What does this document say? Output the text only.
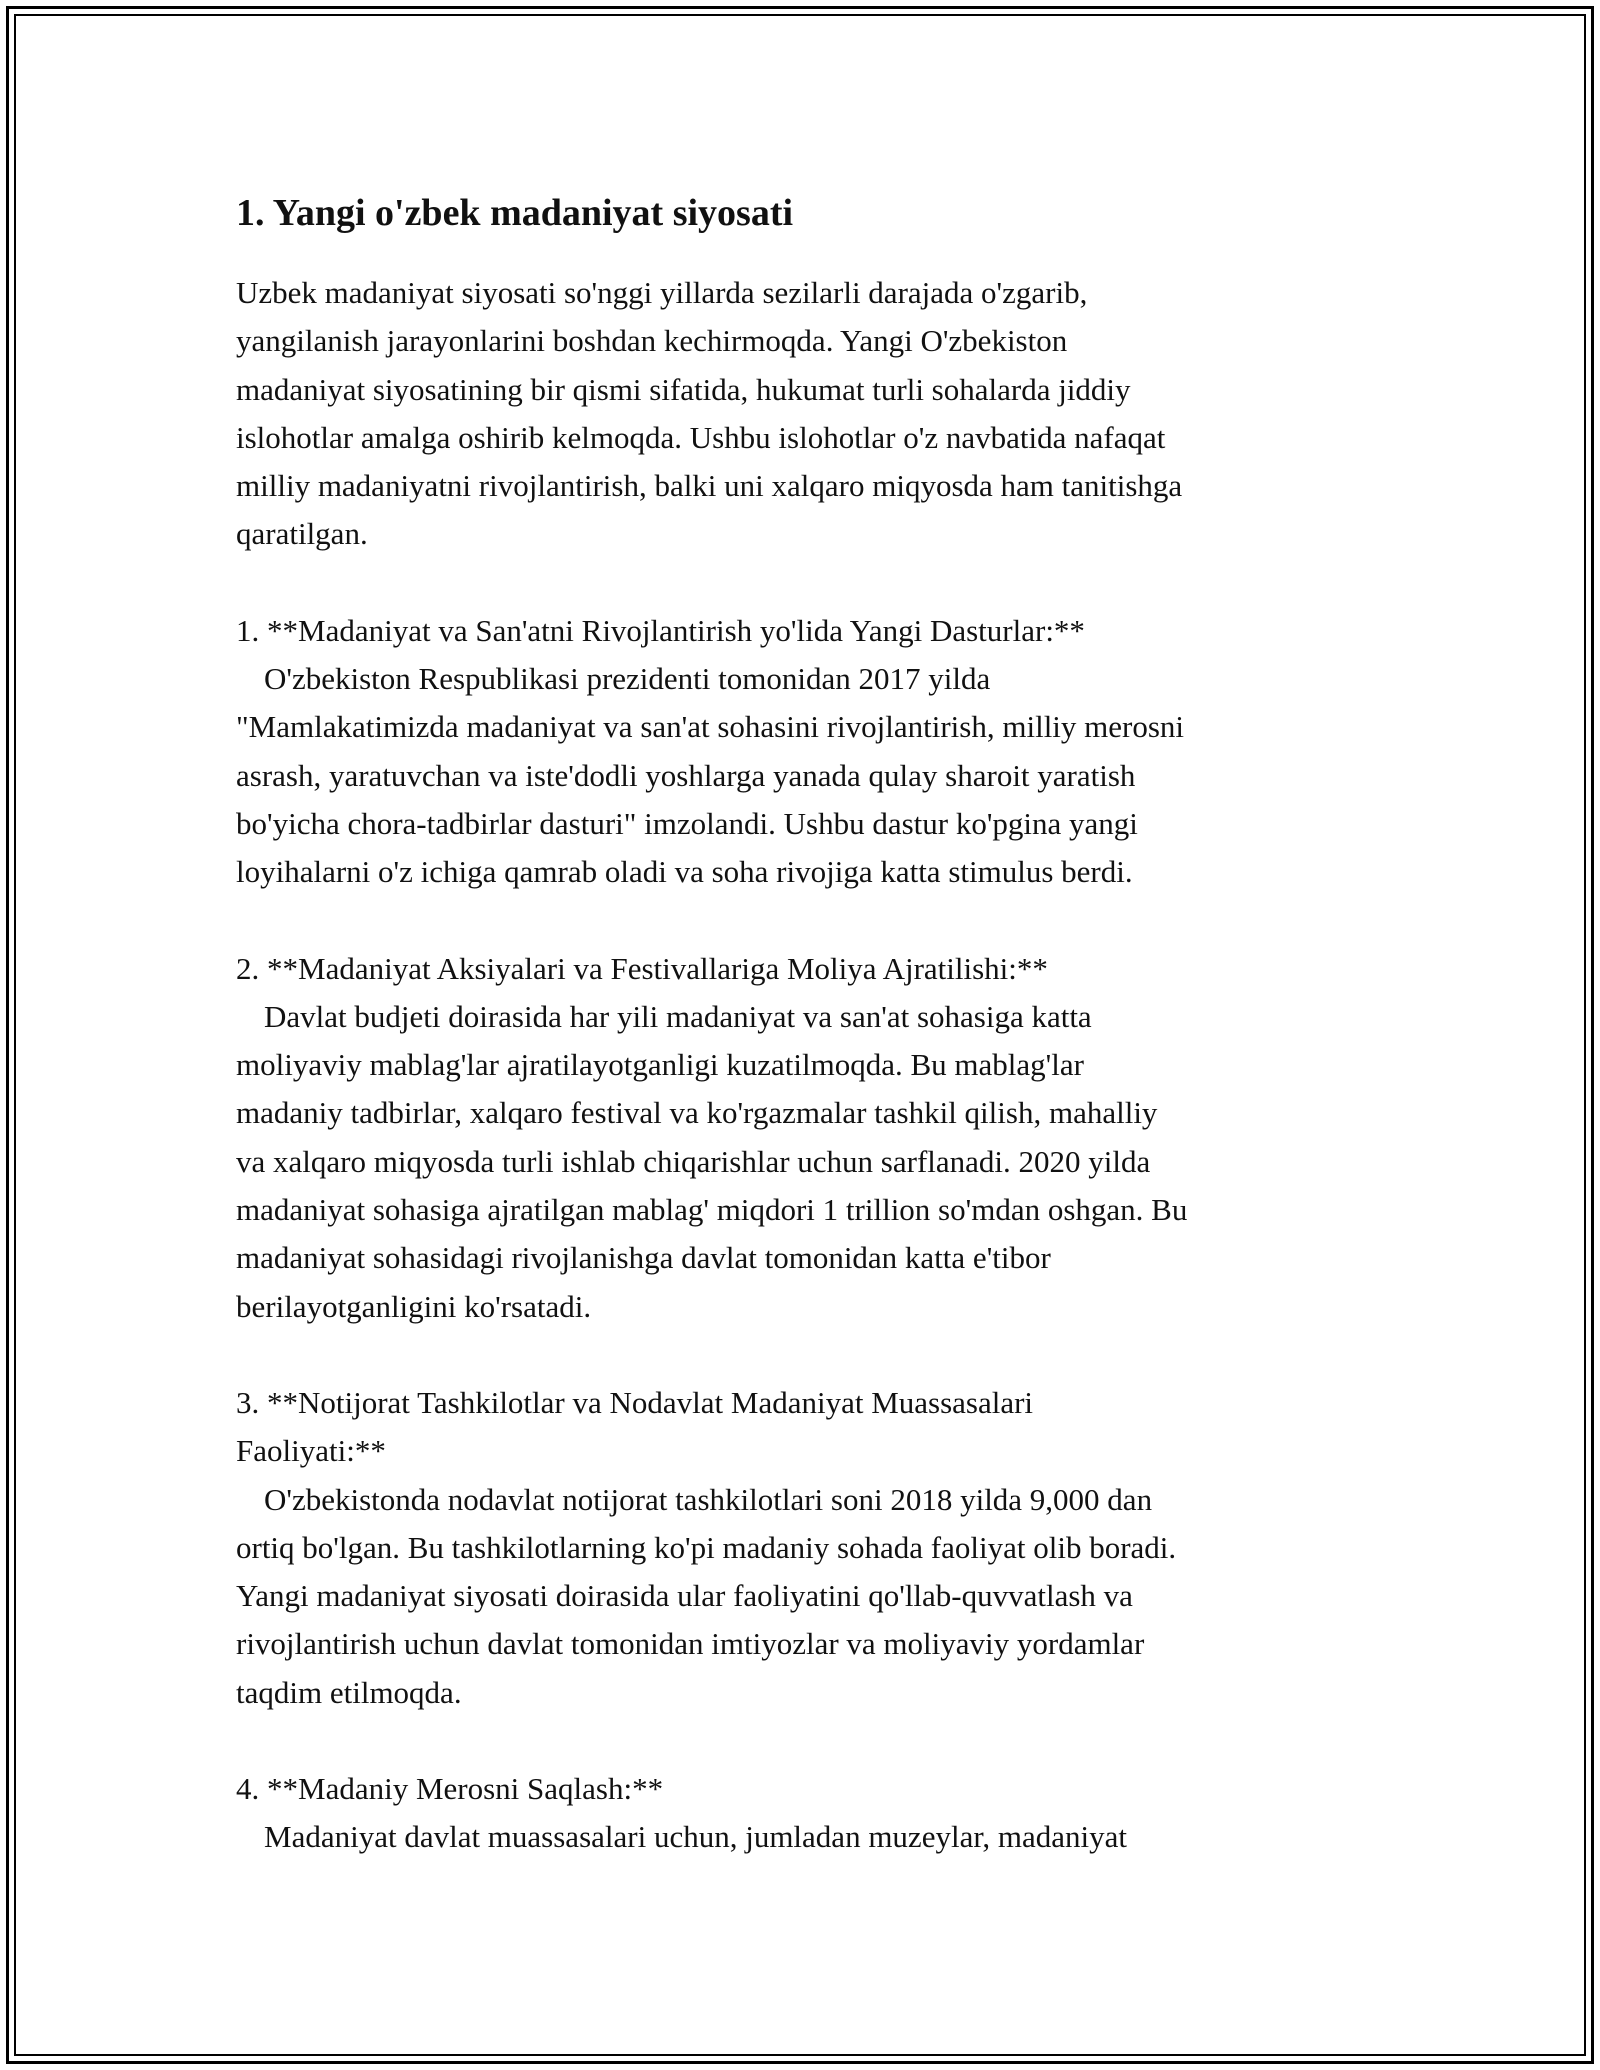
1. Yangi o'zbek madaniyat siyosati
Uzbek madaniyat siyosati so'nggi yillarda sezilarli darajada o'zgarib,
yangilanish jarayonlarini boshdan kechirmoqda. Yangi O'zbekiston
madaniyat siyosatining bir qismi sifatida, hukumat turli sohalarda jiddiy
islohotlar amalga oshirib kelmoqda. Ushbu islohotlar o'z navbatida nafaqat
milliy madaniyatni rivojlantirish, balki uni xalqaro miqyosda ham tanitishga
qaratilgan.
1. **Madaniyat va San'atni Rivojlantirish yo'lida Yangi Dasturlar:**
O'zbekiston Respublikasi prezidenti tomonidan 2017 yilda
"Mamlakatimizda madaniyat va san'at sohasini rivojlantirish, milliy merosni
asrash, yaratuvchan va iste'dodli yoshlarga yanada qulay sharoit yaratish
bo'yicha chora-tadbirlar dasturi" imzolandi. Ushbu dastur ko'pgina yangi
loyihalarni o'z ichiga qamrab oladi va soha rivojiga katta stimulus berdi.
2. **Madaniyat Aksiyalari va Festivallariga Moliya Ajratilishi:**
Davlat budjeti doirasida har yili madaniyat va san'at sohasiga katta
moliyaviy mablag'lar ajratilayotganligi kuzatilmoqda. Bu mablag'lar
madaniy tadbirlar, xalqaro festival va ko'rgazmalar tashkil qilish, mahalliy
va xalqaro miqyosda turli ishlab chiqarishlar uchun sarflanadi. 2020 yilda
madaniyat sohasiga ajratilgan mablag' miqdori 1 trillion so'mdan oshgan. Bu
madaniyat sohasidagi rivojlanishga davlat tomonidan katta e'tibor
berilayotganligini ko'rsatadi.
3. **Notijorat Tashkilotlar va Nodavlat Madaniyat Muassasalari
Faoliyati:**
O'zbekistonda nodavlat notijorat tashkilotlari soni 2018 yilda 9,000 dan
ortiq bo'lgan. Bu tashkilotlarning ko'pi madaniy sohada faoliyat olib boradi.
Yangi madaniyat siyosati doirasida ular faoliyatini qo'llab-quvvatlash va
rivojlantirish uchun davlat tomonidan imtiyozlar va moliyaviy yordamlar
taqdim etilmoqda.
4. **Madaniy Merosni Saqlash:**
Madaniyat davlat muassasalari uchun, jumladan muzeylar, madaniyat
